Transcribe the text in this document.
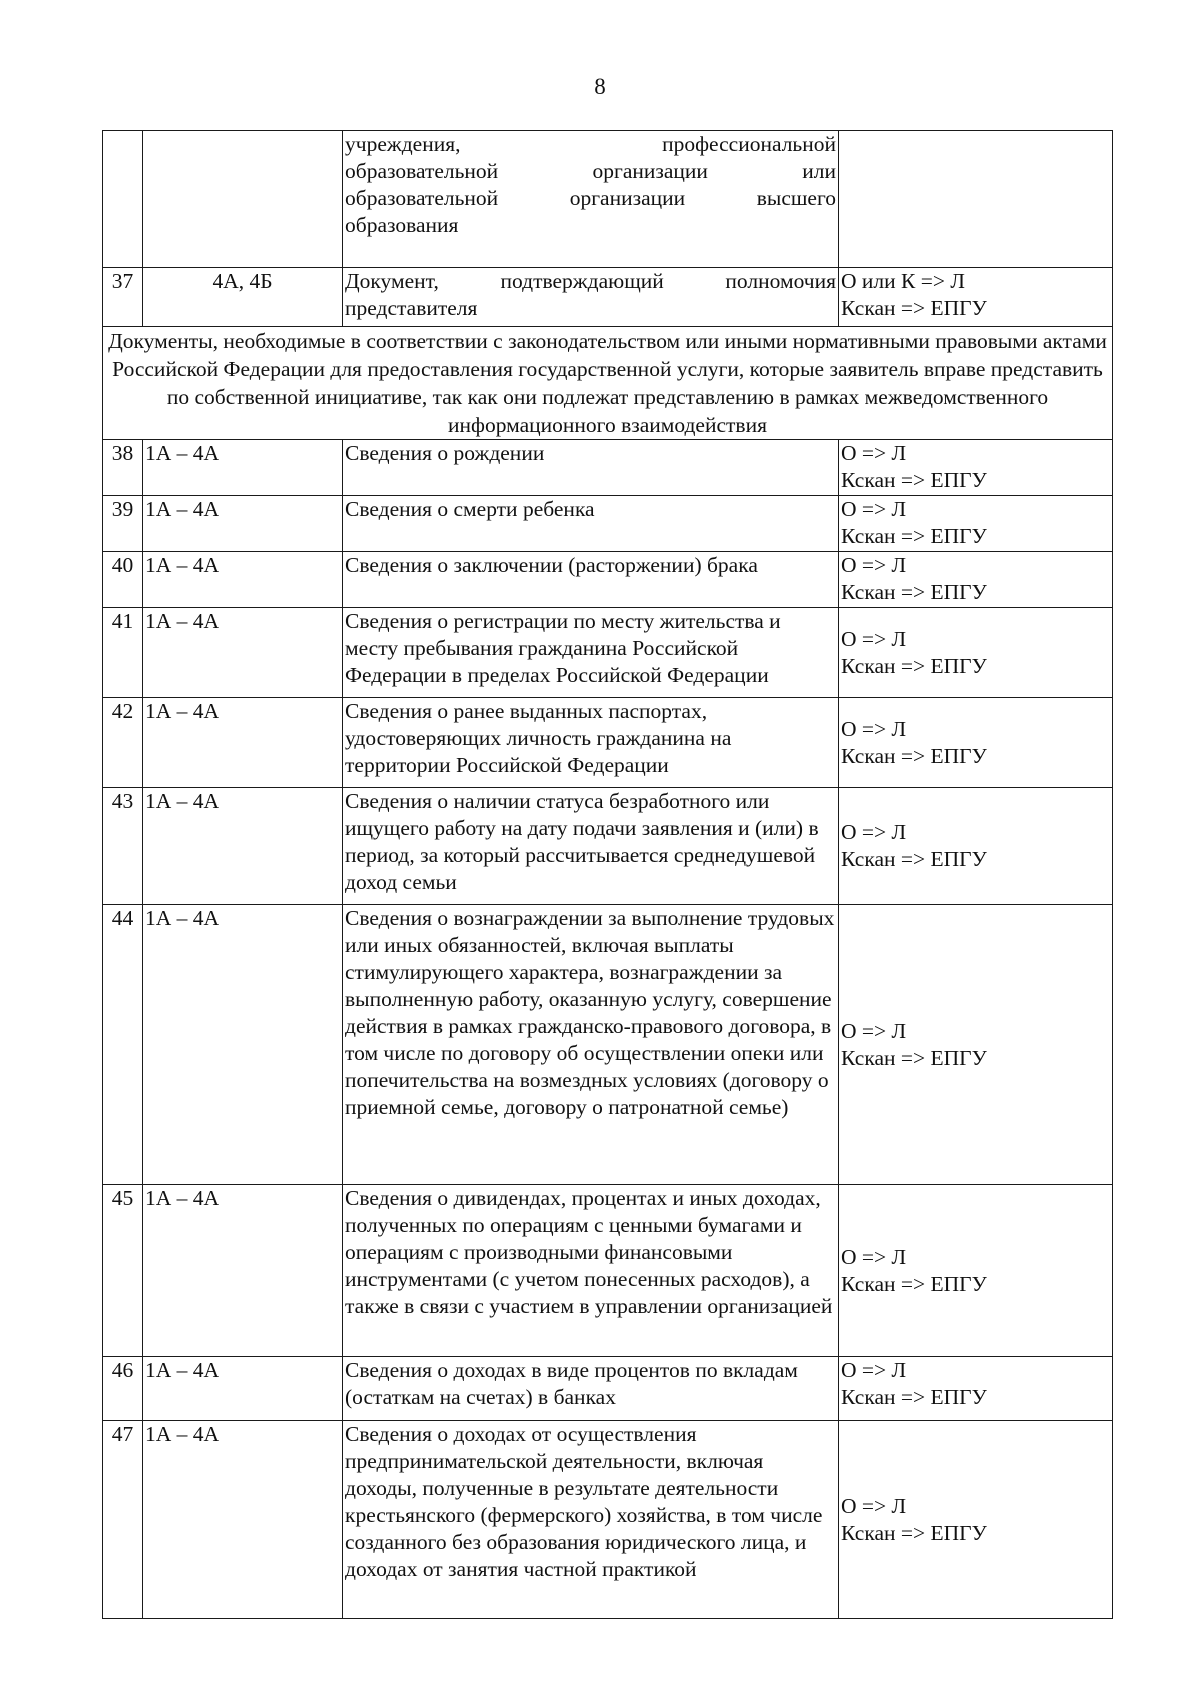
8

		учреждения, профессиональной
образовательной организации или
образовательной организации высшего
образования	

37	4А, 4Б	Документ, подтверждающий полномочия представителя	О или К => Л
Кскан => ЕПГУ

Документы, необходимые в соответствии с законодательством или иными нормативными правовыми актами Российской Федерации для предоставления государственной услуги, которые заявитель вправе представить по собственной инициативе, так как они подлежат представлению в рамках межведомственного информационного взаимодействия			
38	1А – 4А	Сведения о рождении	О => Л
Кскан => ЕПГУ

39	1А – 4А	Сведения о смерти ребенка	О => Л
Кскан => ЕПГУ

40	1А – 4А	Сведения о заключении (расторжении) брака	О => Л
Кскан => ЕПГУ

41	1А – 4А	Сведения о регистрации по месту жительства и месту пребывания гражданина Российской Федерации в пределах Российской Федерации	О => Л
Кскан => ЕПГУ

42	1А – 4А	Сведения о ранее выданных паспортах, удостоверяющих личность гражданина на территории Российской Федерации	О => Л
Кскан => ЕПГУ

43	1А – 4А	Сведения о наличии статуса безработного или ищущего работу на дату подачи заявления и (или) в период, за который рассчитывается среднедушевой доход семьи	О => Л
Кскан => ЕПГУ

44	1А – 4А	Сведения о вознаграждении за выполнение трудовых или иных обязанностей, включая выплаты стимулирующего характера, вознаграждении за выполненную работу, оказанную услугу, совершение действия в рамках гражданско-правового договора, в том числе по договору об осуществлении опеки или попечительства на возмездных условиях (договору о приемной семье, договору о патронатной семье)	О => Л
Кскан => ЕПГУ

45	1А – 4А	Сведения о дивидендах, процентах и иных доходах, полученных по операциям с ценными бумагами и операциям с производными финансовыми инструментами (с учетом понесенных расходов), а также в связи с участием в управлении организацией	О => Л
Кскан => ЕПГУ

46	1А – 4А	Сведения о доходах в виде процентов по вкладам (остаткам на счетах) в банках	О => Л
Кскан => ЕПГУ

47	1А – 4А	Сведения о доходах от осуществления предпринимательской деятельности, включая доходы, полученные в результате деятельности крестьянского (фермерского) хозяйства, в том числе созданного без образования юридического лица, и доходах от занятия частной практикой	О => Л
Кскан => ЕПГУ
